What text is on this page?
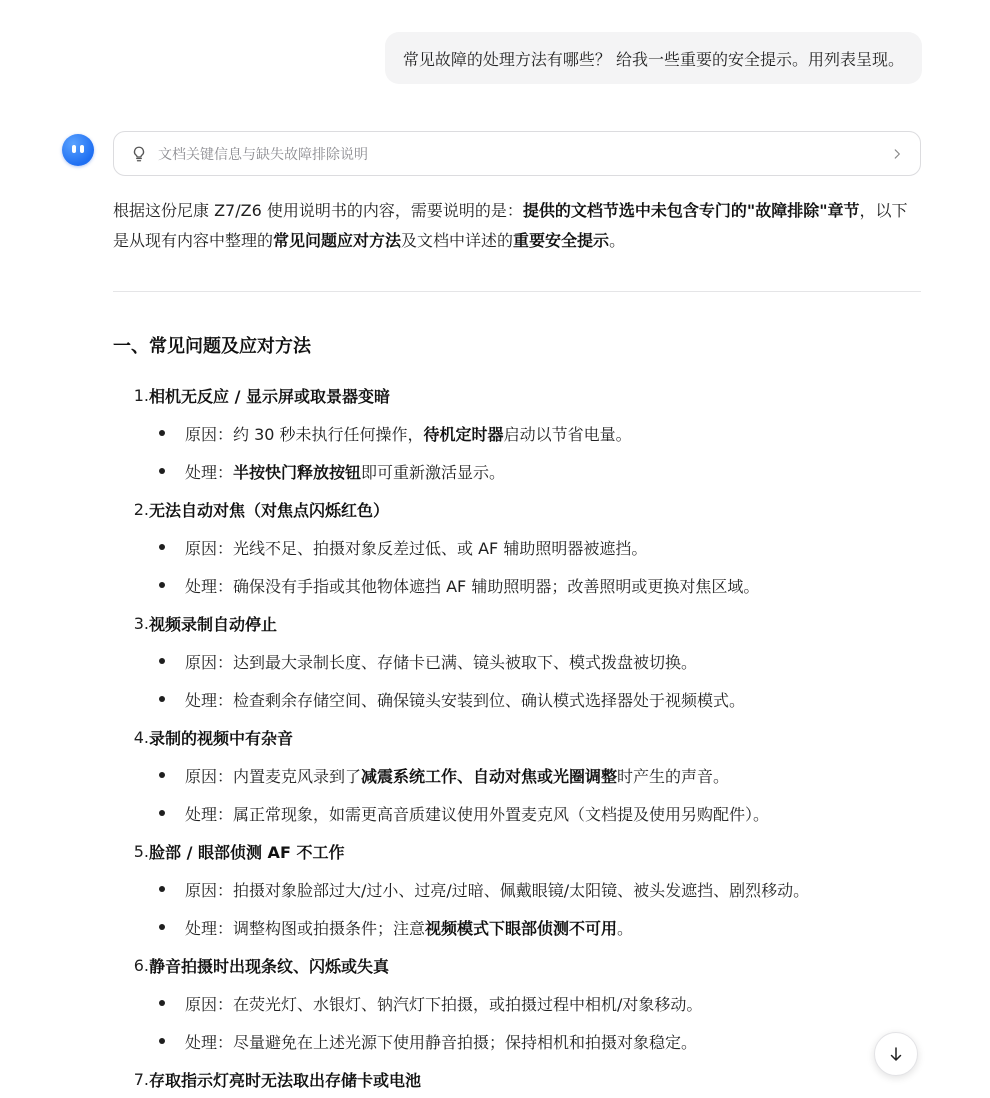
常见故障的处理方法有哪些？ 给我一些重要的安全提示。用列表呈现。
文档关键信息与缺失故障排除说明
根据这份尼康 Z7/Z6 使用说明书的内容，需要说明的是：提供的文档节选中未包含专门的"故障排除"章节，以下是从现有内容中整理的常见问题应对方法及文档中详述的重要安全提示。
一、常见问题及应对方法
1. 相机无反应 / 显示屏或取景器变暗
原因：约 30 秒未执行任何操作，待机定时器启动以节省电量。
处理：半按快门释放按钮即可重新激活显示。
2. 无法自动对焦（对焦点闪烁红色）
原因：光线不足、拍摄对象反差过低、或 AF 辅助照明器被遮挡。
处理：确保没有手指或其他物体遮挡 AF 辅助照明器；改善照明或更换对焦区域。
3. 视频录制自动停止
原因：达到最大录制长度、存储卡已满、镜头被取下、模式拨盘被切换。
处理：检查剩余存储空间、确保镜头安装到位、确认模式选择器处于视频模式。
4. 录制的视频中有杂音
原因：内置麦克风录到了减震系统工作、自动对焦或光圈调整时产生的声音。
处理：属正常现象，如需更高音质建议使用外置麦克风（文档提及使用另购配件）。
5. 脸部 / 眼部侦测 AF 不工作
原因：拍摄对象脸部过大/过小、过亮/过暗、佩戴眼镜/太阳镜、被头发遮挡、剧烈移动。
处理：调整构图或拍摄条件；注意视频模式下眼部侦测不可用。
6. 静音拍摄时出现条纹、闪烁或失真
原因：在荧光灯、水银灯、钠汽灯下拍摄，或拍摄过程中相机/对象移动。
处理：尽量避免在上述光源下使用静音拍摄；保持相机和拍摄对象稳定。
7. 存取指示灯亮时无法取出存储卡或电池
